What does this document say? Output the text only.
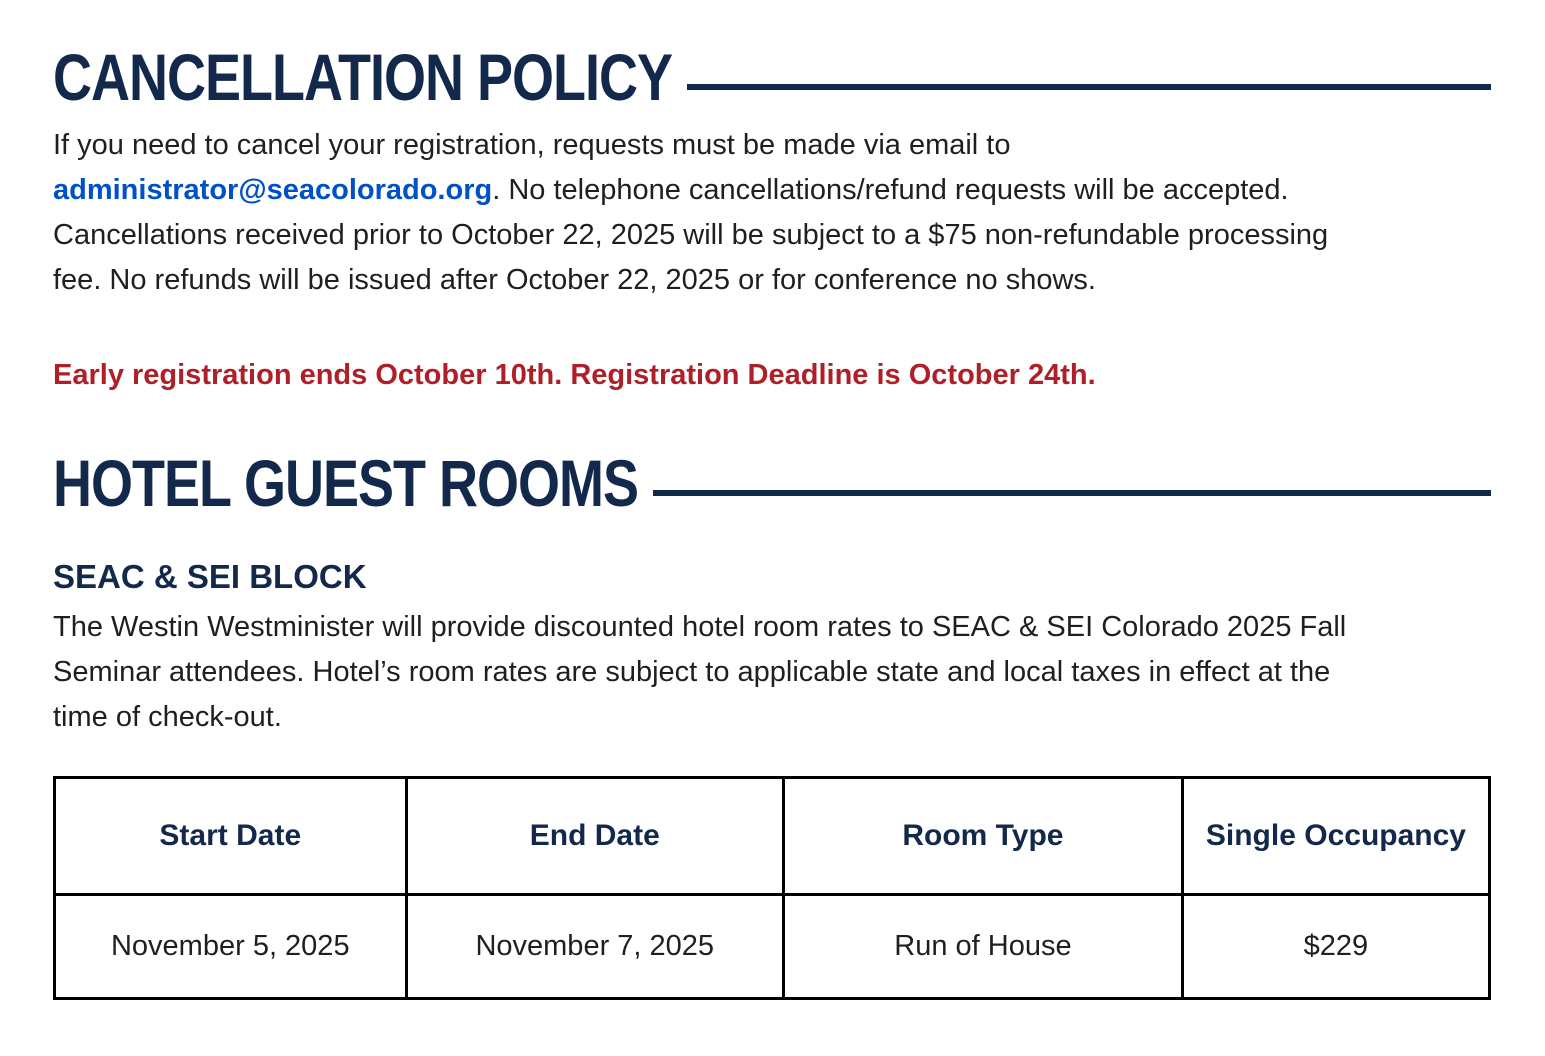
CANCELLATION POLICY
If you need to cancel your registration, requests must be made via email to
administrator@seacolorado.org. No telephone cancellations/refund requests will be accepted.
Cancellations received prior to October 22, 2025 will be subject to a $75 non-refundable processing
fee. No refunds will be issued after October 22, 2025 or for conference no shows.
Early registration ends October 10th. Registration Deadline is October 24th.
HOTEL GUEST ROOMS
SEAC & SEI BLOCK
The Westin Westminister will provide discounted hotel room rates to SEAC & SEI Colorado 2025 Fall
Seminar attendees. Hotel’s room rates are subject to applicable state and local taxes in effect at the
time of check-out.
Start Date	End Date	Room Type	Single Occupancy
November 5, 2025	November 7, 2025	Run of House	$229
